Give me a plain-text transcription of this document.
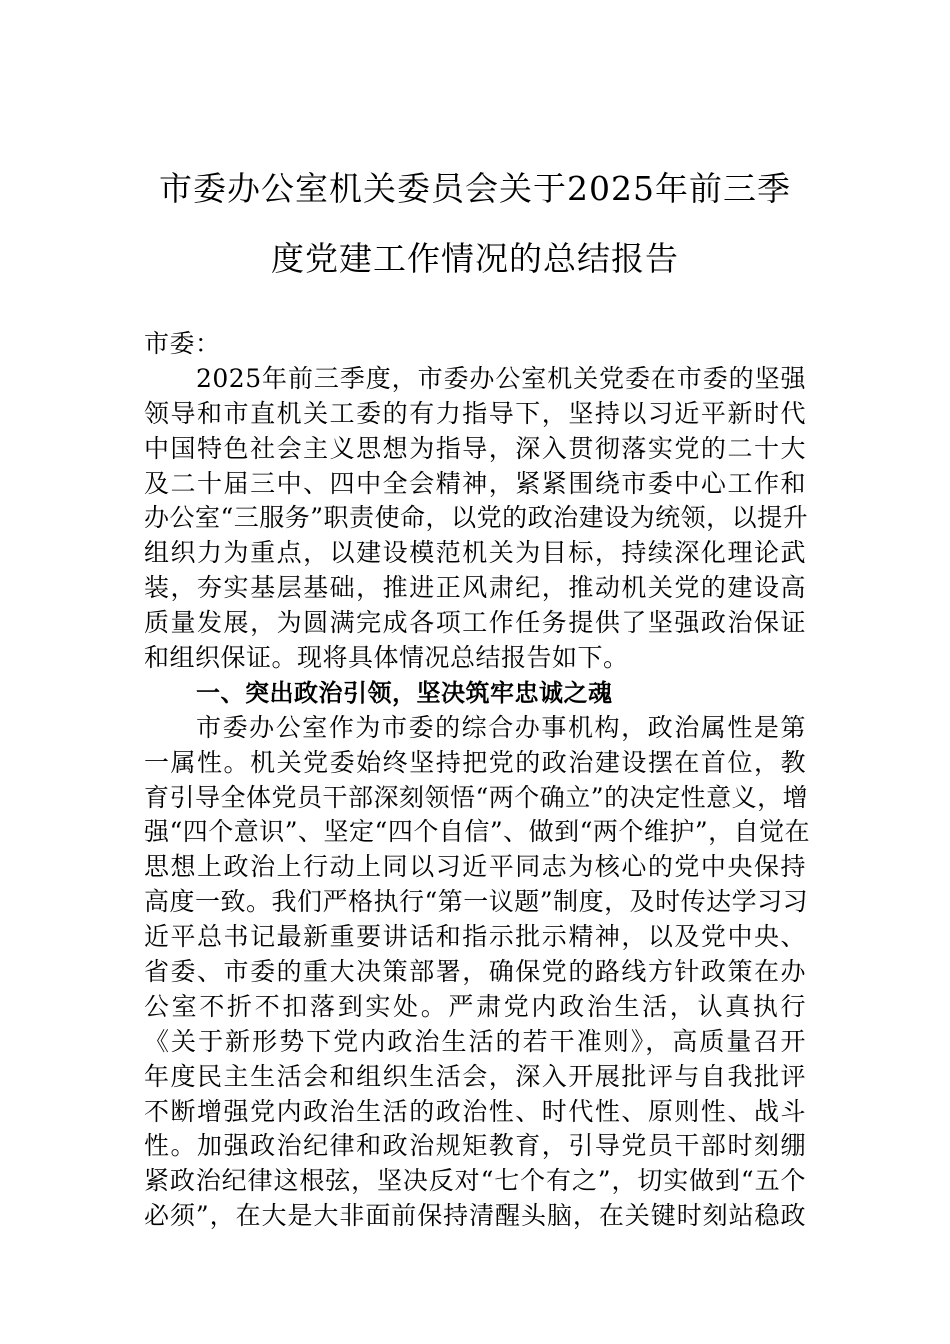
市委办公室机关委员会关于2025年前三季
度党建工作情况的总结报告
市委：
2025年前三季度，市委办公室机关党委在市委的坚强
领导和市直机关工委的有力指导下，坚持以习近平新时代
中国特色社会主义思想为指导，深入贯彻落实党的二十大
及二十届三中、四中全会精神，紧紧围绕市委中心工作和
办公室“三服务”职责使命，以党的政治建设为统领，以提升
组织力为重点，以建设模范机关为目标，持续深化理论武
装，夯实基层基础，推进正风肃纪，推动机关党的建设高
质量发展，为圆满完成各项工作任务提供了坚强政治保证
和组织保证。现将具体情况总结报告如下。
一、突出政治引领，坚决筑牢忠诚之魂
市委办公室作为市委的综合办事机构，政治属性是第
一属性。机关党委始终坚持把党的政治建设摆在首位，教
育引导全体党员干部深刻领悟“两个确立”的决定性意义，增
强“四个意识”、坚定“四个自信”、做到“两个维护”，自觉在
思想上政治上行动上同以习近平同志为核心的党中央保持
高度一致。我们严格执行“第一议题”制度，及时传达学习习
近平总书记最新重要讲话和指示批示精神，以及党中央、
省委、市委的重大决策部署，确保党的路线方针政策在办
公室不折不扣落到实处。严肃党内政治生活，认真执行
《关于新形势下党内政治生活的若干准则》，高质量召开
年度民主生活会和组织生活会，深入开展批评与自我批评
不断增强党内政治生活的政治性、时代性、原则性、战斗
性。加强政治纪律和政治规矩教育，引导党员干部时刻绷
紧政治纪律这根弦，坚决反对“七个有之”，切实做到“五个
必须”，在大是大非面前保持清醒头脑，在关键时刻站稳政
